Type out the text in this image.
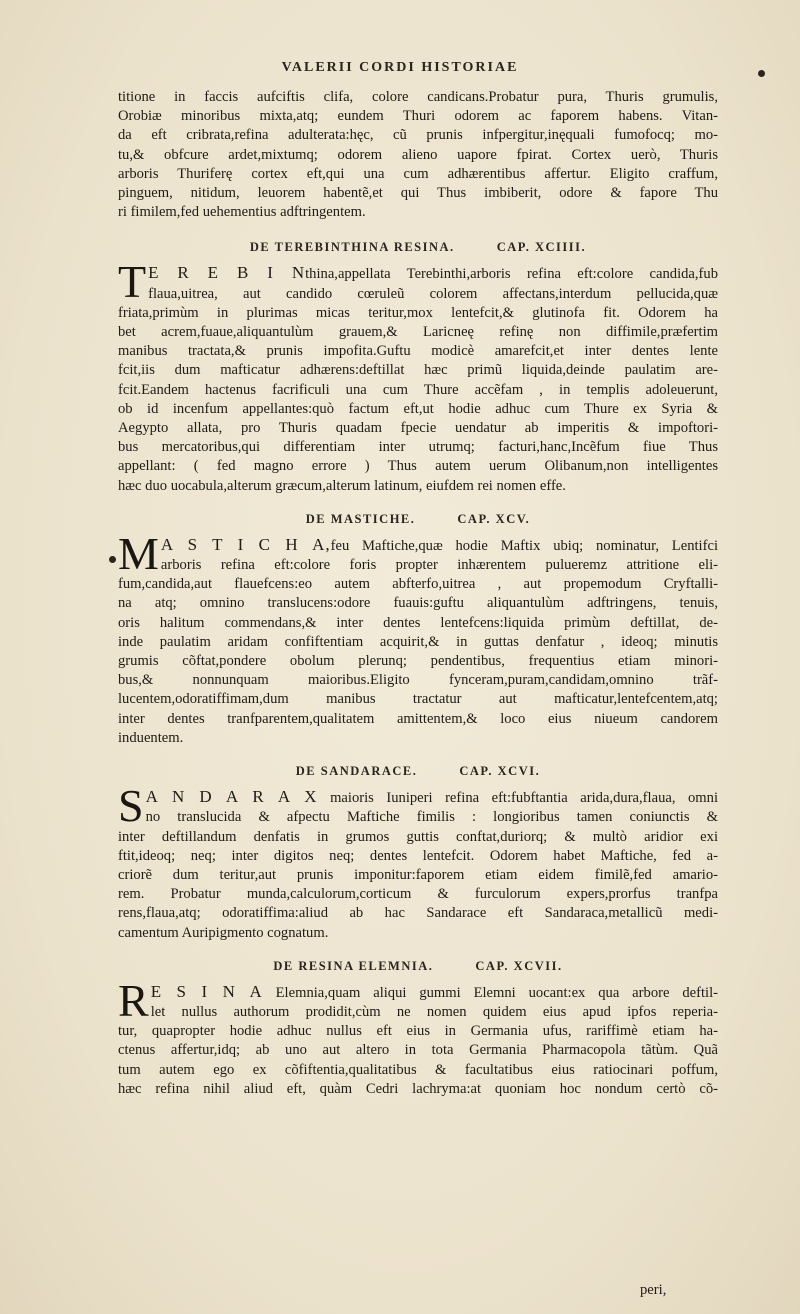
VALERII CORDI HISTORIAE

titione in faccis aufciftis clifa, colore candicans.Probatur pura, Thuris grumulis,
Orobiæ minoribus mixta,atq; eundem Thuri odorem ac faporem habens. Vitan-
da eft cribrata,refina adulterata:hęc, cũ prunis infpergitur,inęquali fumofocq; mo-
tu,& obfcure ardet,mixtumq; odorem alieno uapore fpirat. Cortex uerò, Thuris
arboris Thuriferę cortex eft,qui una cum adhærentibus affertur. Eligito craffum,
pinguem, nitidum, leuorem habentẽ,et qui Thus imbiberit, odore & fapore Thu
ri fimilem,fed uehementius adftringentem.

DE TEREBINTHINA RESINA.	CAP. XCIIII.
T E R E B I Nthina,appellata Terebinthi,arboris refina eft:colore candida,fub
flaua,uitrea, aut candido cœruleũ colorem affectans,interdum pellucida,quæ
friata,primùm in plurimas micas teritur,mox lentefcit,& glutinofa fit. Odorem ha
bet acrem,fuaue,aliquantulùm grauem,& Laricneę refinę non diffimile,præfertim
manibus tractata,& prunis impofita.Guftu modicè amarefcit,et inter dentes lente
fcit,iis dum mafticatur adhærens:deftillat hæc primũ liquida,deinde paulatim are-
fcit.Eandem hactenus facrificuli una cum Thure accẽfam , in templis adoleuerunt,
ob id incenfum appellantes:quò factum eft,ut hodie adhuc cum Thure ex Syria &
Aegypto allata, pro Thuris quadam fpecie uendatur ab imperitis & impoftori-
bus mercatoribus,qui differentiam inter utrumq; facturi,hanc,Incẽfum fiue Thus
appellant: ( fed magno errore ) Thus autem uerum Olibanum,non intelligentes
hæc duo uocabula,alterum græcum,alterum latinum, eiufdem rei nomen effe.
DE MASTICHE.	CAP. XCV.
M A S T I C H A,feu Maftiche,quæ hodie Maftix ubiq; nominatur, Lentifci
arboris refina eft:colore foris propter inhærentem pulueremz attritione eli-
fum,candida,aut flauefcens:eo autem abfterfo,uitrea , aut propemodum Cryftalli-
na atq; omnino translucens:odore fuauis:guftu aliquantulùm adftringens, tenuis,
oris halitum commendans,& inter dentes lentefcens:liquida primùm deftillat, de-
inde paulatim aridam confiftentiam acquirit,& in guttas denfatur , ideoq; minutis
grumis cõftat,pondere obolum plerunq; pendentibus, frequentius etiam minori-
bus,& nonnunquam maioribus.Eligito fynceram,puram,candidam,omnino trãf-
lucentem,odoratiffimam,dum manibus tractatur aut mafticatur,lentefcentem,atq;
inter dentes tranfparentem,qualitatem amittentem,& loco eius niueum candorem
induentem.
DE SANDARACE.	CAP. XCVI.
S A N D A R A X maioris Iuniperi refina eft:fubftantia arida,dura,flaua, omni
no translucida & afpectu Maftiche fimilis : longioribus tamen coniunctis &
inter deftillandum denfatis in grumos guttis conftat,duriorq; & multò aridior exi
ftit,ideoq; neq; inter digitos neq; dentes lentefcit. Odorem habet Maftiche, fed a-
criorẽ dum teritur,aut prunis imponitur:faporem etiam eidem fimilẽ,fed amario-
rem. Probatur munda,calculorum,corticum & furculorum expers,prorfus tranfpa
rens,flaua,atq; odoratiffima:aliud ab hac Sandarace eft Sandaraca,metallicũ medi-
camentum Auripigmento cognatum.
DE RESINA ELEMNIA.	CAP. XCVII.
R E S I N A Elemnia,quam aliqui gummi Elemni uocant:ex qua arbore deftil-
let nullus authorum prodidit,cùm ne nomen quidem eius apud ipfos reperia-
tur, quapropter hodie adhuc nullus eft eius in Germania ufus, rariffimè etiam ha-
ctenus affertur,idq; ab uno aut altero in tota Germania Pharmacopola tãtùm. Quã
tum autem ego ex cõfiftentia,qualitatibus & facultatibus eius ratiocinari poffum,
hæc refina nihil aliud eft, quàm Cedri lachryma:at quoniam hoc nondum certò cõ-
peri,
